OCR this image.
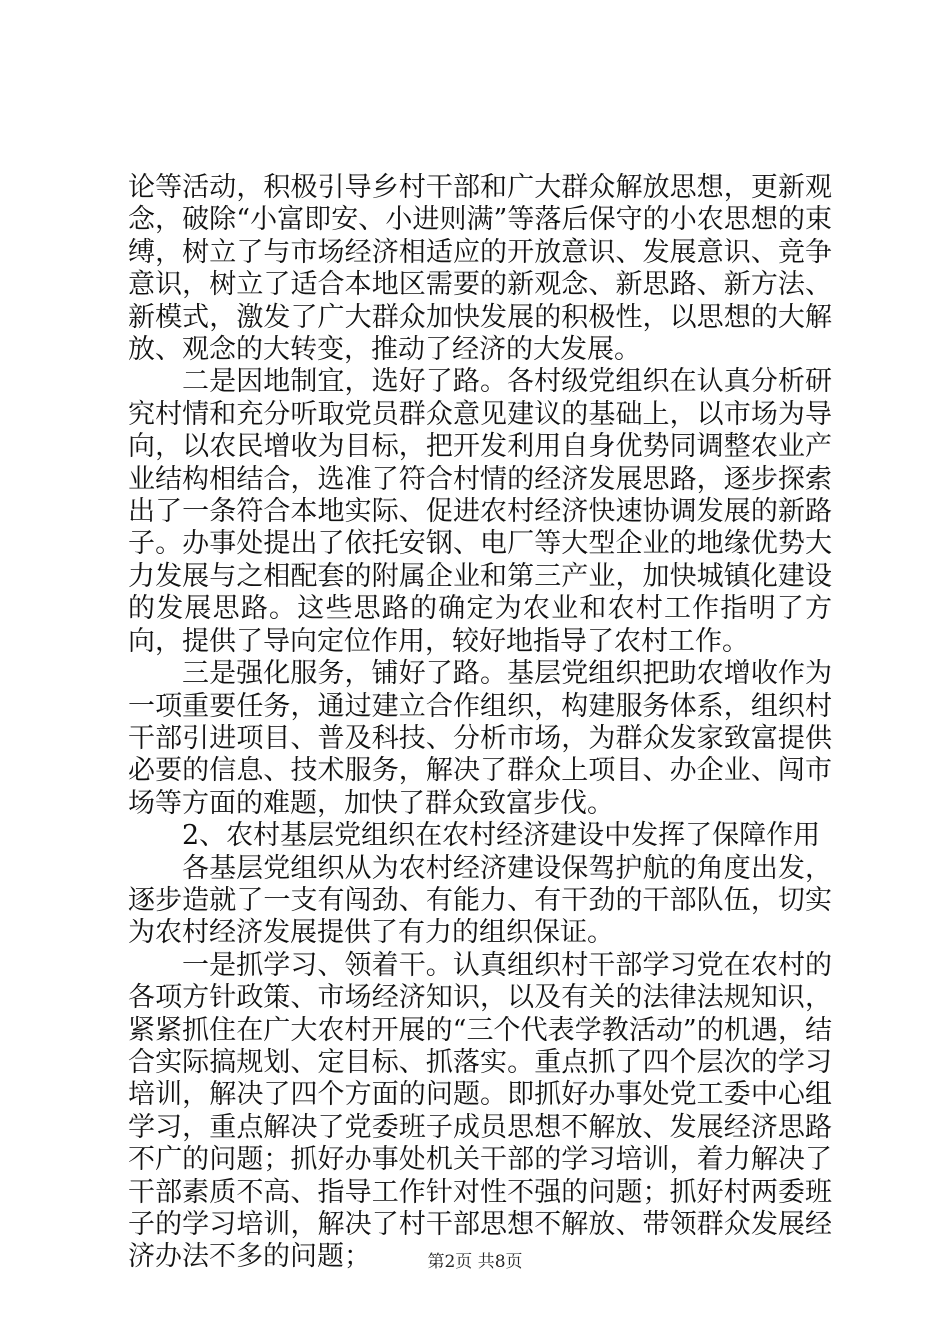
论等活动，积极引导乡村干部和广大群众解放思想，更新观念，破除“小富即安、小进则满”等落后保守的小农思想的束缚，树立了与市场经济相适应的开放意识、发展意识、竞争意识，树立了适合本地区需要的新观念、新思路、新方法、新模式，激发了广大群众加快发展的积极性，以思想的大解放、观念的大转变，推动了经济的大发展。

二是因地制宜，选好了路。各村级党组织在认真分析研究村情和充分听取党员群众意见建议的基础上，以市场为导向，以农民增收为目标，把开发利用自身优势同调整农业产业结构相结合，选准了符合村情的经济发展思路，逐步探索出了一条符合本地实际、促进农村经济快速协调发展的新路子。办事处提出了依托安钢、电厂等大型企业的地缘优势大力发展与之相配套的附属企业和第三产业，加快城镇化建设的发展思路。这些思路的确定为农业和农村工作指明了方向，提供了导向定位作用，较好地指导了农村工作。

三是强化服务，铺好了路。基层党组织把助农增收作为一项重要任务，通过建立合作组织，构建服务体系，组织村干部引进项目、普及科技、分析市场，为群众发家致富提供必要的信息、技术服务，解决了群众上项目、办企业、闯市场等方面的难题，加快了群众致富步伐。

2、农村基层党组织在农村经济建设中发挥了保障作用

各基层党组织从为农村经济建设保驾护航的角度出发，逐步造就了一支有闯劲、有能力、有干劲的干部队伍，切实为农村经济发展提供了有力的组织保证。

一是抓学习、领着干。认真组织村干部学习党在农村的各项方针政策、市场经济知识，以及有关的法律法规知识，紧紧抓住在广大农村开展的“三个代表学教活动”的机遇，结合实际搞规划、定目标、抓落实。重点抓了四个层次的学习培训，解决了四个方面的问题。即抓好办事处党工委中心组学习，重点解决了党委班子成员思想不解放、发展经济思路不广的问题；抓好办事处机关干部的学习培训，着力解决了干部素质不高、指导工作针对性不强的问题；抓好村两委班子的学习培训，解决了村干部思想不解放、带领群众发展经济办法不多的问题；	第2页 共8页
